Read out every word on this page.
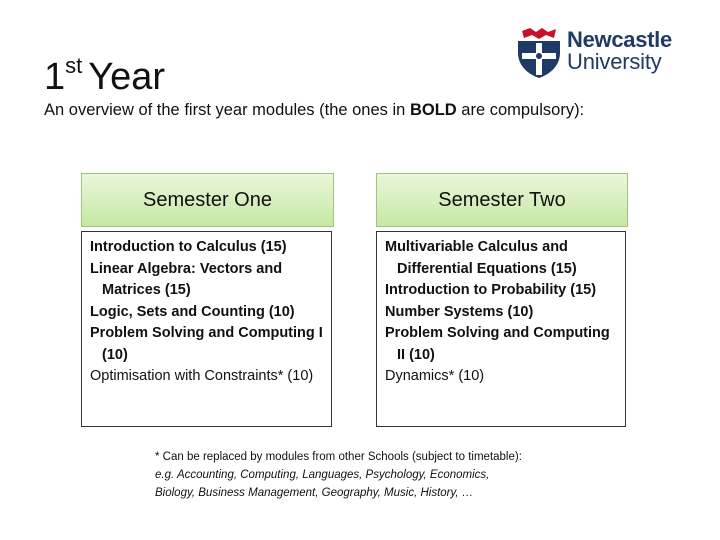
1st Year
Newcastle
University
An overview of the first year modules (the ones in BOLD are compulsory):
Semester One	Semester Two

Introduction to Calculus (15)

Linear Algebra: Vectors and Matrices (15)

Logic, Sets and Counting (10)

Problem Solving and Computing I (10)

Optimisation with Constraints* (10)

Multivariable Calculus and Differential Equations (15)

Introduction to Probability (15)

Number Systems (10)

Problem Solving and Computing II (10)

Dynamics* (10)

* Can be replaced by modules from other Schools (subject to timetable):
e.g. Accounting, Computing, Languages, Psychology, Economics,
Biology, Business Management, Geography, Music, History, …
